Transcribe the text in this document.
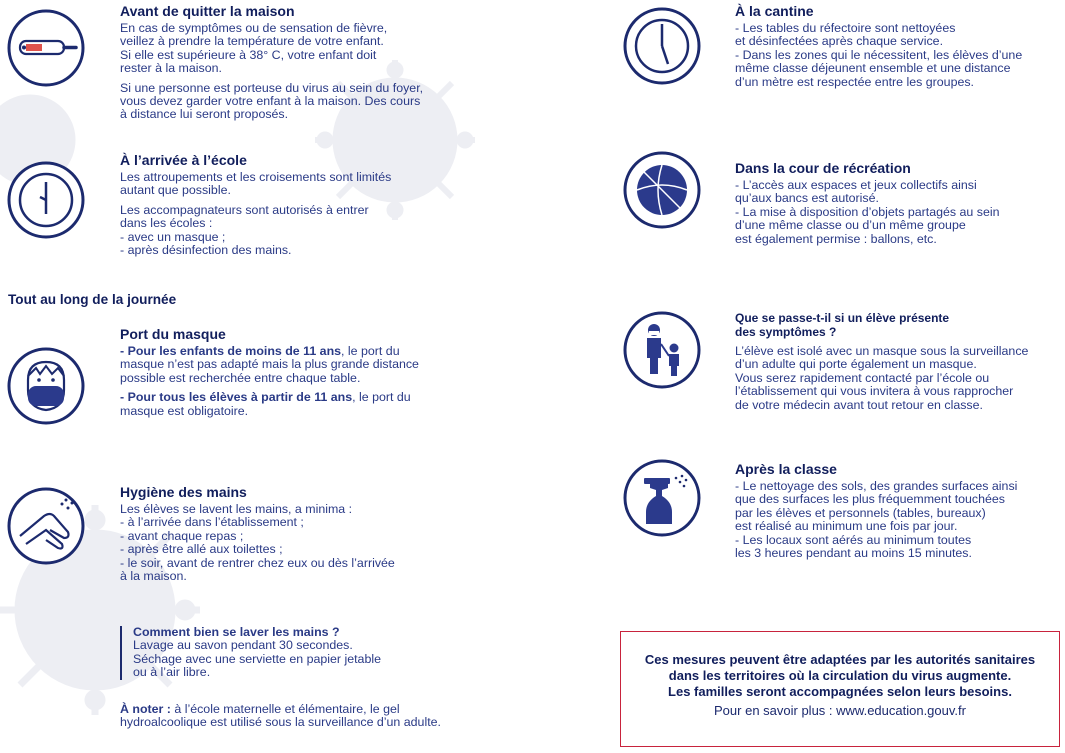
Avant de quitter la maison
En cas de symptômes ou de sensation de fièvre,
veillez à prendre la température de votre enfant.
Si elle est supérieure à 38° C, votre enfant doit
rester à la maison.
Si une personne est porteuse du virus au sein du foyer,
vous devez garder votre enfant à la maison. Des cours
à distance lui seront proposés.
À l’arrivée à l’école
Les attroupements et les croisements sont limités
autant que possible.
Les accompagnateurs sont autorisés à entrer
dans les écoles :
- avec un masque ;
- après désinfection des mains.
Tout au long de la journée
Port du masque
- Pour les enfants de moins de 11 ans, le port du
masque n’est pas adapté mais la plus grande distance
possible est recherchée entre chaque table.
- Pour tous les élèves à partir de 11 ans, le port du
masque est obligatoire.
Hygiène des mains
Les élèves se lavent les mains, a minima :
- à l’arrivée dans l’établissement ;
- avant chaque repas ;
- après être allé aux toilettes ;
- le soir, avant de rentrer chez eux ou dès l’arrivée
à la maison.
Comment bien se laver les mains ?
Lavage au savon pendant 30 secondes.
Séchage avec une serviette en papier jetable
ou à l’air libre.
À noter : à l’école maternelle et élémentaire, le gel
hydroalcoolique est utilisé sous la surveillance d’un adulte.
À la cantine
- Les tables du réfectoire sont nettoyées
et désinfectées après chaque service.
- Dans les zones qui le nécessitent, les élèves d’une
même classe déjeunent ensemble et une distance
d’un mètre est respectée entre les groupes.
Dans la cour de récréation
- L’accès aux espaces et jeux collectifs ainsi
qu’aux bancs est autorisé.
- La mise à disposition d’objets partagés au sein
d’une même classe ou d’un même groupe
est également permise : ballons, etc.
Que se passe-t-il si un élève présente
des symptômes ?
L’élève est isolé avec un masque sous la surveillance
d’un adulte qui porte également un masque.
Vous serez rapidement contacté par l’école ou
l’établissement qui vous invitera à vous rapprocher
de votre médecin avant tout retour en classe.
Après la classe
- Le nettoyage des sols, des grandes surfaces ainsi
que des surfaces les plus fréquemment touchées
par les élèves et personnels (tables, bureaux)
est réalisé au minimum une fois par jour.
- Les locaux sont aérés au minimum toutes
les 3 heures pendant au moins 15 minutes.
Ces mesures peuvent être adaptées par les autorités sanitaires
dans les territoires où la circulation du virus augmente.
Les familles seront accompagnées selon leurs besoins.
Pour en savoir plus : www.education.gouv.fr
